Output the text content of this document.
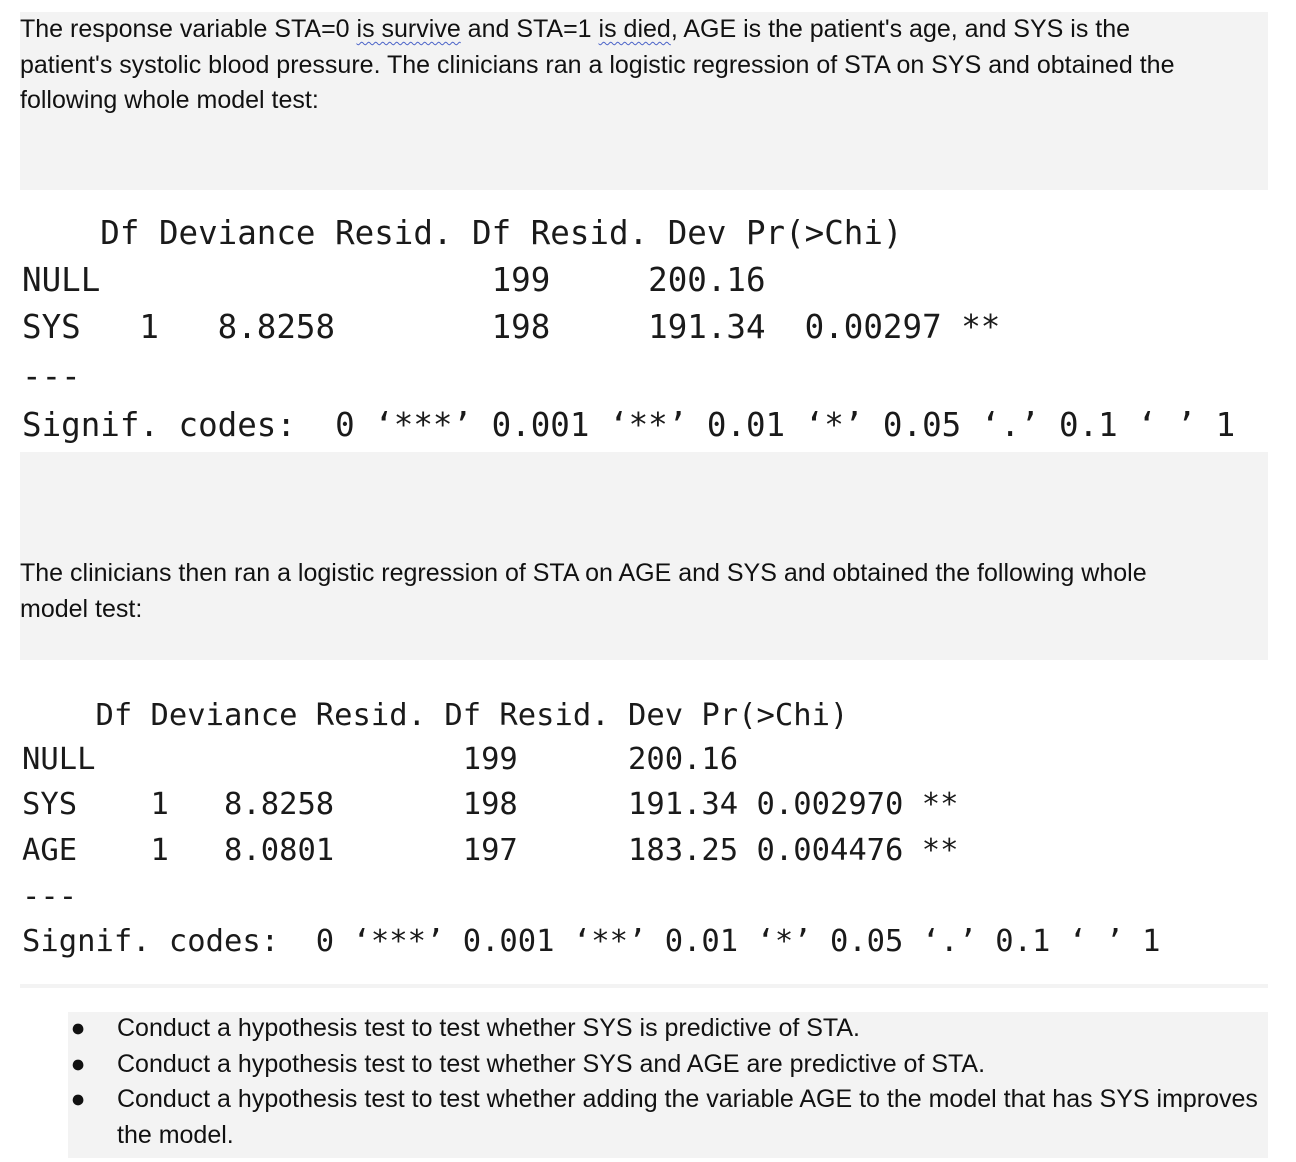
The response variable STA=0 is survive and STA=1 is died, AGE is the patient's age, and SYS is the
patient's systolic blood pressure. The clinicians ran a logistic regression of STA on SYS and obtained the
following whole model test:

Df Deviance Resid. Df Resid. Dev Pr(>Chi)

NULL                    199     200.16

SYS   1   8.8258        198     191.34  0.00297 **

---

Signif. codes:  0 ‘***’ 0.001 ‘**’ 0.01 ‘*’ 0.05 ‘.’ 0.1 ‘ ’ 1

The clinicians then ran a logistic regression of STA on AGE and SYS and obtained the following whole
model test:

Df Deviance Resid. Df Resid. Dev Pr(>Chi)

NULL                    199      200.16

SYS    1   8.8258       198      191.34 0.002970 **

AGE    1   8.0801       197      183.25 0.004476 **

---

Signif. codes:  0 ‘***’ 0.001 ‘**’ 0.01 ‘*’ 0.05 ‘.’ 0.1 ‘ ’ 1

● Conduct a hypothesis test to test whether SYS is predictive of STA.
● Conduct a hypothesis test to test whether SYS and AGE are predictive of STA.
● Conduct a hypothesis test to test whether adding the variable AGE to the model that has SYS improves the model.
